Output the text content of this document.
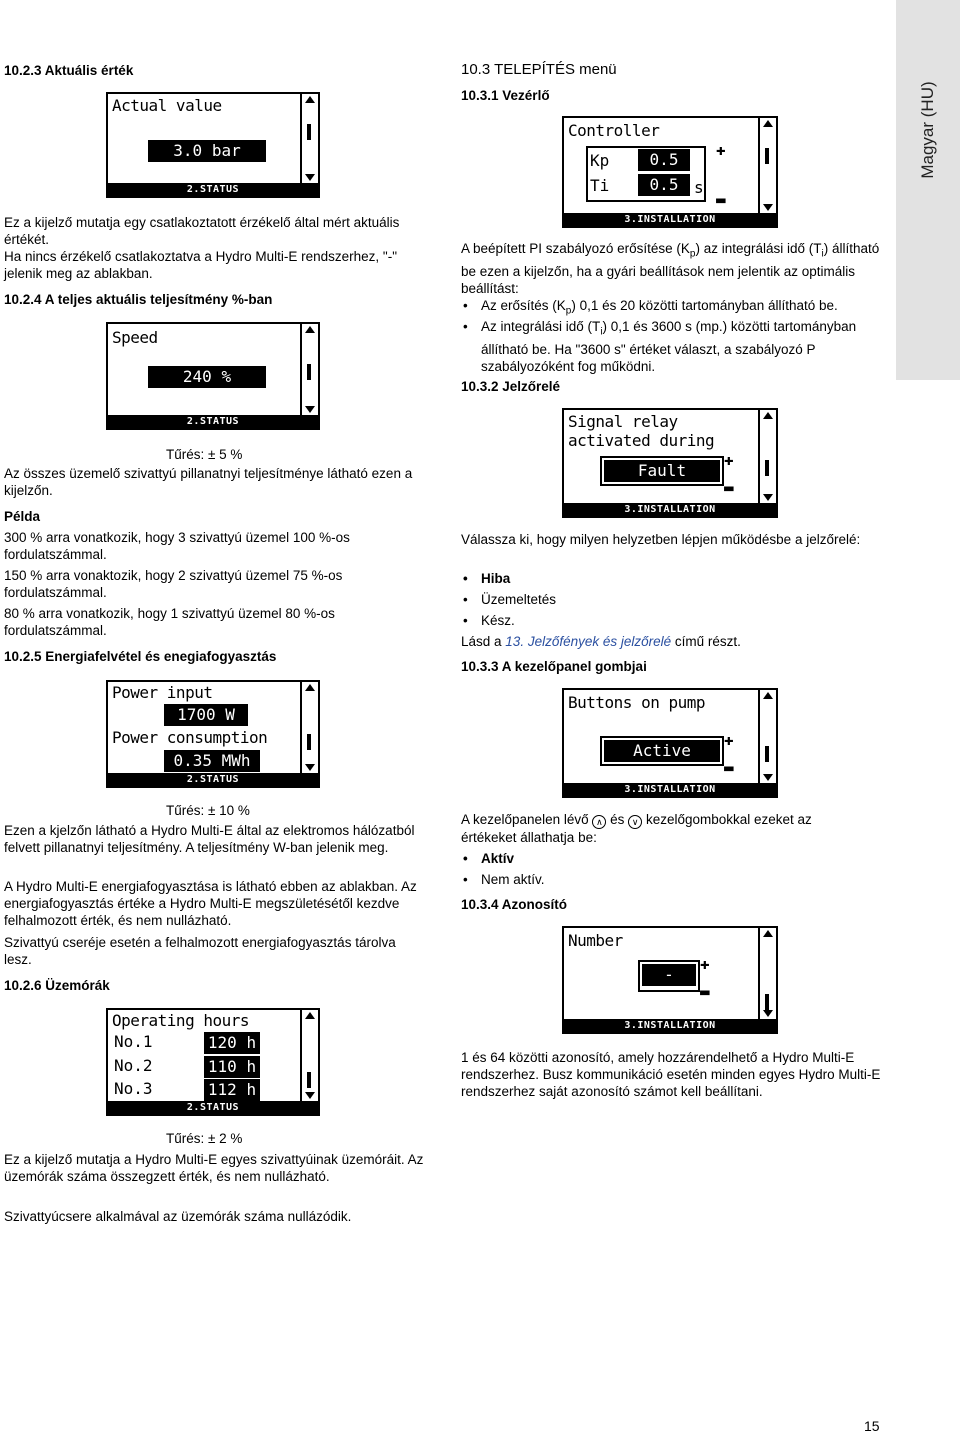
Magyar (HU)
10.2.3 Aktuális érték
Actual value
3.0 bar
2.STATUS
Ez a kijelző mutatja egy csatlakoztatott érzékelő által mért aktuális értékét.
Ha nincs érzékelő csatlakoztatva a Hydro Multi-E rendszerhez, "-" jelenik meg az ablakban.
10.2.4 A teljes aktuális teljesítmény %-ban
Speed
240 %
2.STATUS
Tűrés: ± 5 %
Az összes üzemelő szivattyú pillanatnyi teljesítménye látható ezen a kijelzőn.
Példa
300 % arra vonatkozik, hogy 3 szivattyú üzemel 100 %-os fordulatszámmal.
150 % arra vonaktozik, hogy 2 szivattyú üzemel 75 %-os fordulatszámmal.
80 % arra vonatkozik, hogy 1 szivattyú üzemel 80 %-os fordulatszámmal.
10.2.5 Energiafelvétel és enegiafogyasztás
Power input
1700 W
Power consumption
0.35 MWh
2.STATUS
Tűrés: ± 10 %
Ezen a kjelzőn látható a Hydro Multi-E által az elektromos hálózatból felvett pillanatnyi teljesítmény. A teljesítmény W-ban jelenik meg.
A Hydro Multi-E energiafogyasztása is látható ebben az ablakban. Az energiafogyasztás értéke a Hydro Multi-E megszületésétől kezdve felhalmozott érték, és nem nullázható.
Szivattyú cseréje esetén a felhalmozott energiafogyasztás tárolva lesz.
10.2.6 Üzemórák
Operating hours
No.1	120 h
No.2	110 h
No.3	112 h
2.STATUS
Tűrés: ± 2 %
Ez a kijelző mutatja a Hydro Multi-E egyes szivattyúinak üzemóráit. Az üzemórák száma összegzett érték, és nem nullázható.
Szivattyúcsere alkalmával az üzemórák száma nullázódik.
10.3 TELEPÍTÉS menü
10.3.1 Vezérlő
Controller
Kp	0.5
Ti	0.5 s
✚
▬
3.INSTALLATION
A beépített PI szabályozó erősítése $(K_p)$ az integrálási idő $(T_i)$ állítható be ezen a kijelzőn, ha a gyári beállítások nem jelentik az optimális beállítást:
• Az erősítés $(K_p)$ 0,1 és 20 közötti tartományban állítható be.
• Az integrálási idő $(T_i)$ 0,1 és 3600 s (mp.) közötti tartományban állítható be. Ha "3600 s" értéket választ, a szabályozó P szabályozóként fog működni.
10.3.2 Jelzőrelé
Signal relay
activated during
Fault
✚
▬
3.INSTALLATION
Válassza ki, hogy milyen helyzetben lépjen működésbe a jelzőrelé:
• Hiba
• Üzemeltetés
• Kész.
Lásd a 13. Jelzőfények és jelzőrelé című részt.
10.3.3 A kezelőpanel gombjai
Buttons on pump
Active
✚
▬
3.INSTALLATION
A kezelőpanelen lévő ∧ és ∨ kezelőgombokkal ezeket az értékeket állathatja be:
• Aktív
• Nem aktív.
10.3.4 Azonosító
Number
-
✚
▬
3.INSTALLATION
1 és 64 közötti azonosító, amely hozzárendelhető a Hydro Multi-E rendszerhez. Busz kommunikáció esetén minden egyes Hydro Multi-E rendszerhez saját azonosító számot kell beállítani.
15
